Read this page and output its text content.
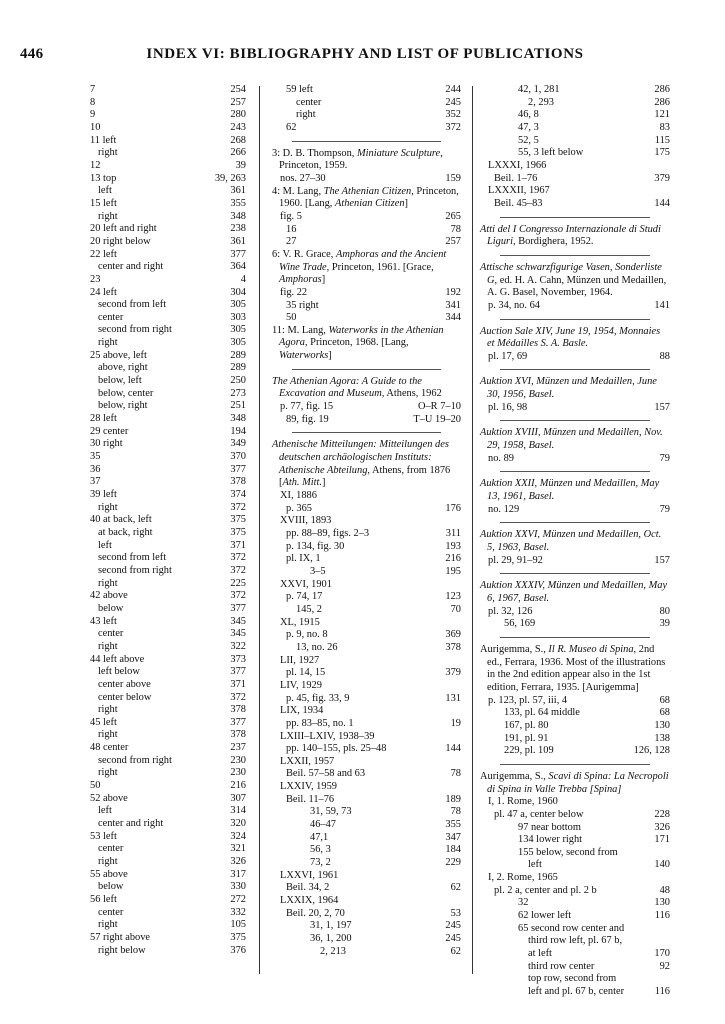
446	INDEX VI: BIBLIOGRAPHY AND LIST OF PUBLICATIONS
7	254
8	257
9	280
10	243
11 left	268
right	266
12	39
13 top	39, 263
left	361
15 left	355
right	348
20 left and right	238
20 right below	361
22 left	377
center and right	364
23	4
24 left	304
second from left	305
center	303
second from right	305
right	305
25 above, left	289
above, right	289
below, left	250
below, center	273
below, right	251
28 left	348
29 center	194
30 right	349
35	370
36	377
37	378
39 left	374
right	372
40 at back, left	375
at back, right	375
left	371
second from left	372
second from right	372
right	225
42 above	372
below	377
43 left	345
center	345
right	322
44 left above	373
left below	377
center above	371
center below	372
right	378
45 left	377
right	378
48 center	237
second from right	230
right	230
50	216
52 above	307
left	314
center and right	320
53 left	324
center	321
right	326
55 above	317
below	330
56 left	272
center	332
right	105
57 right above	375
right below	376
59 left	244
center	245
right	352
62	372
3: D. B. Thompson, Miniature Sculpture, Princeton, 1959.
nos. 27–30	159
4: M. Lang, The Athenian Citizen, Princeton, 1960. [Lang, Athenian Citizen]
fig. 5	265
16	78
27	257
6: V. R. Grace, Amphoras and the Ancient Wine Trade, Princeton, 1961. [Grace, Amphoras]
fig. 22	192
35 right	341
50	344
11: M. Lang, Waterworks in the Athenian Agora, Princeton, 1968. [Lang, Waterworks]
The Athenian Agora: A Guide to the Excavation and Museum, Athens, 1962
p. 77, fig. 15	O–R 7–10
89, fig. 19	T–U 19–20
Athenische Mitteilungen: Mitteilungen des deutschen archäologischen Instituts: Athenische Abteilung, Athens, from 1876 [Ath. Mitt.]
XI, 1886
p. 365	176
XVIII, 1893
pp. 88–89, figs. 2–3	311
p. 134, fig. 30	193
pl. IX, 1	216
3–5	195
XXVI, 1901
p. 74, 17	123
145, 2	70
XL, 1915
p. 9, no. 8	369
13, no. 26	378
LII, 1927
pl. 14, 15	379
LIV, 1929
p. 45, fig. 33, 9	131
LIX, 1934
pp. 83–85, no. 1	19
LXIII–LXIV, 1938–39
pp. 140–155, pls. 25–48	144
LXXII, 1957
Beil. 57–58 and 63	78
LXXIV, 1959
Beil. 11–76	189
31, 59, 73	78
46–47	355
47,1	347
56, 3	184
73, 2	229
LXXVI, 1961
Beil. 34, 2	62
LXXIX, 1964
Beil. 20, 2, 70	53
31, 1, 197	245
36, 1, 200	245
2, 213	62
42, 1, 281	286
2, 293	286
46, 8	121
47, 3	83
52, 5	115
55, 3 left below	175
LXXXI, 1966
Beil. 1–76	379
LXXXII, 1967
Beil. 45–83	144
Atti del I Congresso Internazionale di Studi Liguri, Bordighera, 1952.
Attische schwarzfigurige Vasen, Sonderliste G, ed. H. A. Cahn, Münzen und Medaillen, A. G. Basel, November, 1964.
p. 34, no. 64	141
Auction Sale XIV, June 19, 1954, Monnaies et Médailles S. A. Basle.
pl. 17, 69	88
Auktion XVI, Münzen und Medaillen, June 30, 1956, Basel.
pl. 16, 98	157
Auktion XVIII, Münzen und Medaillen, Nov. 29, 1958, Basel.
no. 89	79
Auktion XXII, Münzen und Medaillen, May 13, 1961, Basel.
no. 129	79
Auktion XXVI, Münzen und Medaillen, Oct. 5, 1963, Basel.
pl. 29, 91–92	157
Auktion XXXIV, Münzen und Medaillen, May 6, 1967, Basel.
pl. 32, 126	80
56, 169	39
Aurigemma, S., Il R. Museo di Spina, 2nd ed., Ferrara, 1936. Most of the illustrations in the 2nd edition appear also in the 1st edition, Ferrara, 1935. [Aurigemma]
p. 123, pl. 57, iii, 4	68
133, pl. 64 middle	68
167, pl. 80	130
191, pl. 91	138
229, pl. 109	126, 128
Aurigemma, S., Scavi di Spina: La Necropoli di Spina in Valle Trebba [Spina]
I, 1. Rome, 1960
pl. 47 a, center below	228
97 near bottom	326
134 lower right	171
155 below, second from
left	140
I, 2. Rome, 1965
pl. 2 a, center and pl. 2 b	48
32	130
62 lower left	116
65 second row center and
third row left, pl. 67 b,
at left	170
third row center	92
top row, second from
left and pl. 67 b, center	116
